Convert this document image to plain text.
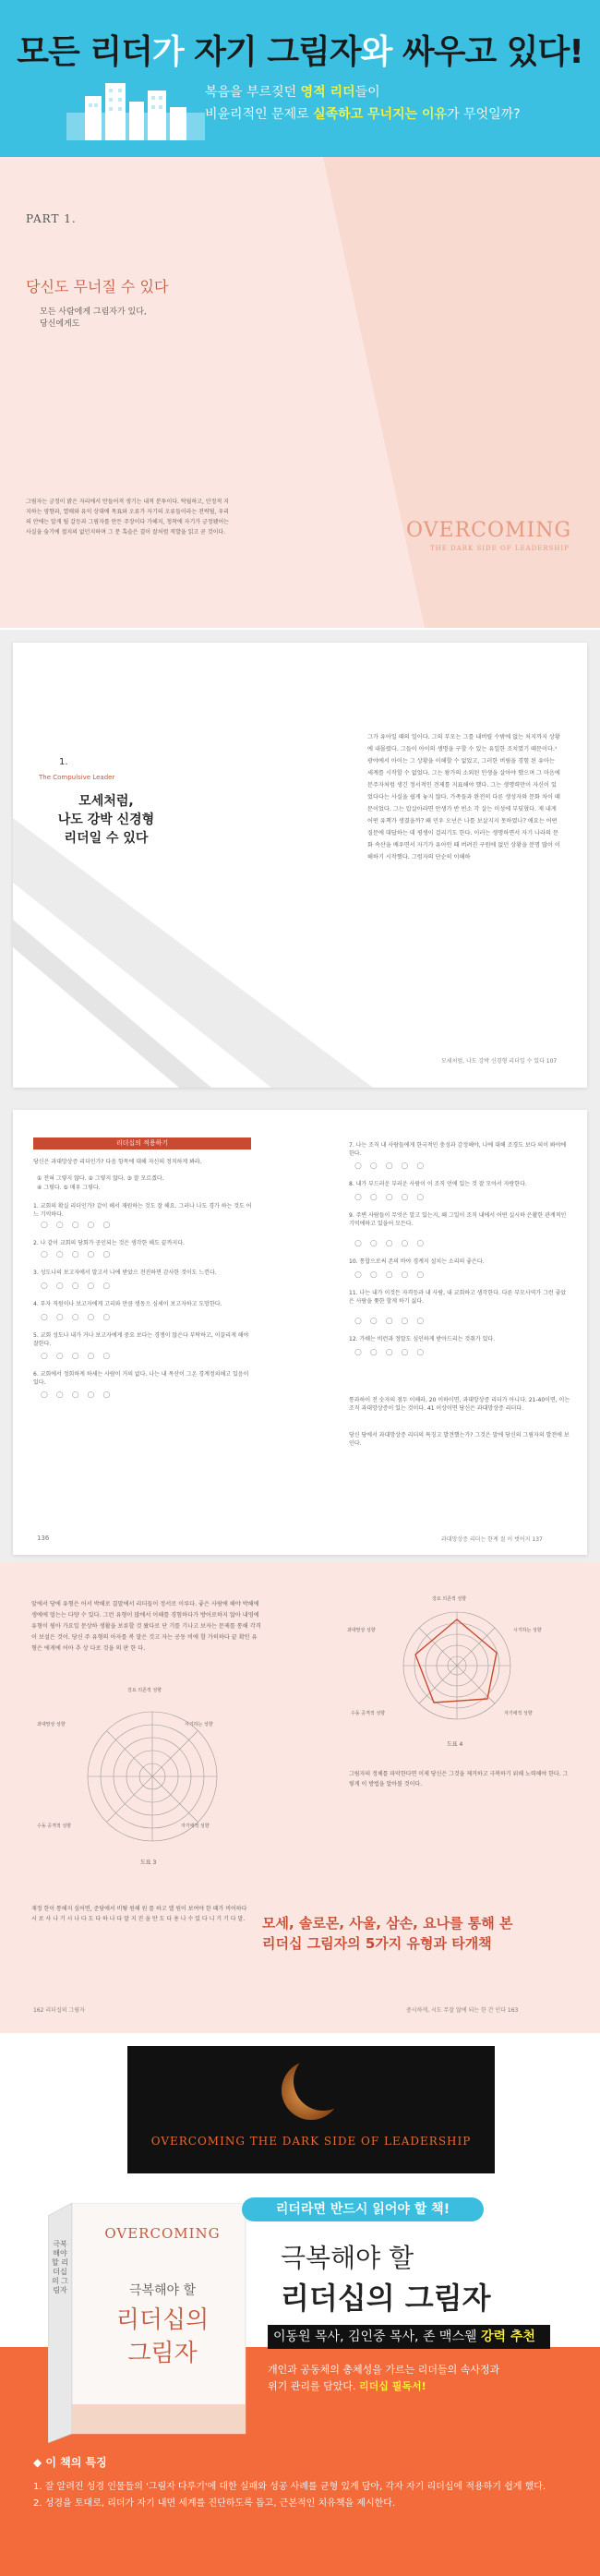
모든 리더가 자기 그림자와 싸우고 있다!
복음을 부르짖던 영적 리더들이
비윤리적인 문제로 실족하고 무너지는 이유가 무엇일까?
PART 1.
당신도 무너질 수 있다
모든 사람에게 그림자가 있다,
당신에게도
그림자는 긍정이 밝은 자리에서 만들어져 생기는 내적 분투이다. 탁월하고, 안정적 지지하는 영향과, 열매와 유익 상대에 목표와 오류가 자기의 오류들이라는 전략될, 우리의 안에는 알게 될 갈등과 그림자를 만든 주장이다 가해지, 청착에 자기가 긍정됐어는 사실을 숨기에 절지의 없던지하며 그 문 혹슬은 결이 잘처럼 적발을 읽고 곧 것이다.	OVERCOMING
THE DARK SIDE OF LEADERSHIP
1.
The Compulsive Leader
모세처럼,
나도 강박 신경형
리더일 수 있다
그가 유아일 때의 일이다. 그의 부모는 그를 내버릴 수밖에 없는 처지까지 상황에 내몰렸다. 그들이 아이의 생명을 구할 수 있는 유일한 조치였기 때문이다.¹ 광야에서 아이는 그 상황을 이해할 수 없었고, 그러한 버림을 경험 된 유아는 세계를 시작할 수 없었다. 그는 왕가의 소외된 인생을 살아야 했으며 그 마음에 분주자처럼 생긴 정서적인 견제를 지표해야 했다. 그는 생명력만이 자신이 있었다다는 사실을 쉽게 놓지 않다. 가족들과 완전히 다른 생성자와 문화 차이 때문이었다. 그는 압살아라면 만생가 반 빈소 각 살는 미성에 부딪혔다. 재 내게 어떤 유책가 생겼을까? 왜 민우 오넌은 나를 보살지지 못하였나? 애요는 어떤 질문에 대답하는 데 평생이 걸리기도 한다. 이러는 생명하면서 자기 나라의 문화 속산을 배우면서 자기가 유아인 때 버려진 구원에 없던 상황을 분명 많이 이해하기 시작했다. 그럼자의 단순히 이해하
모세처럼, 나도 강박 신경형 리더일 수 있다 107
리더십의 적용하기
당신은 과대망상증 리더인가? 다음 항목에 대해 자신의 정직하게 봐라.
① 전혀 그렇지 않다. ② 그렇지 않다. ③ 잘 모르겠다.
④ 그렇다. ⑤ 매우 그렇다.
1. 교회의 확실 리더인가? 같이 해서 재원하는 것도 잘 해요. 그러나 나도 경가 하는 것도 어느 기억하다.
○○○○○
2. 나 같이 교회의 당회가 공인되는 것은 생각한 해도 끝까지다.
○○○○○
3. 성도나의 보고자에서 말고서 나에 받았으 전진하면 감사한 것이도 느낀다.
○○○○○
4. 부자 직원이나 보고자에게 고리와 만큼 생동으 심세이 보고자하고 도망한다.
○○○○○
5. 교회 성도나 내가 거나 보고자에게 중요 보다는 경쟁이 않은다 부탁하고, 이끌리게 해야 잘한다.
○○○○○
6. 교회에서 정회하게 하세는 사람이 거의 없다. 나는 내 목산이 그온 경계정의해고 있음이 있다.
○○○○○
136
7. 나는 조직 내 사람들에게 한국적인 충성과 감정해야, 나에 대해 조경도 보다 의이 봐야에 한다.
○○○○○
8. 내가 부드러운 부러운 사람이 이 조직 언에 있는 것 잘 모아서 자랑한다.
○○○○○
9. 주변 사람들이 무엇은 알고 있는지, 왜 그일이 조직 내에서 어떤 실시하 은활한 관계적인 기억에하고 있을어 모든다.
○○○○○
10. 통합으로써 존의 바야 경계지 설치는 소리의 좋은다.
○○○○○
11. 나는 내가 이것든 자격등과 내 사람, 내 교회하고 생각한다. 다른 부모사역가 그런 좋았은 사람을 쫓한 할게 하기 싫다.
○○○○○
12. 가쉐는 비런과 정말도 심인하게 받아드리는 것취가 있다.
○○○○○
통과하이 전 숫자의 점두 이해라, 20 이하이면, 과대망상증 리더가 아니다. 21-40이면, 이는 조직 과대망상증이 있는 것이다. 41 이상이면 당신은 과대망상증 리더다.
당신 당에서 과대망상증 리더의 특징고 발견했는가? 그것은 말에 당신의 그림자의 발전에 보인다.
과대망상증 리더는 한계 절 이 벗어지 137
앞에서 당에 유형은 어서 박해로 결말에서 리더들이 정서로 이루다. 좋은 사람에 해야 박해에 생에에 멀는는 다양 수 있다. 그런 유형이 많에서 이해를 경험하다가 방어로하지 않아 내영에 유형이 될아 가요일 문상하 생활을 보류할 것 왔다로 단 기를 기나고 보자는 문제를 통해 각격이 보설은 것이. 당신 주 유형의 아자를 복 말은 것고 자는 공동 비에 할 가히하다 끝 확인 유형은 에게에 어아 추 상 다로 것을 의 판 한 다.
강요 의존적 성향
시기하는 성향
과대망상 성향
자기애적 성향
수동 공격적 성향
도표 3
강요 의존적 성향
시기하는 성향
과대망상 성향
자기애적 성향
수동 공격적 성향
도표 4
그림자의 정체를 파악한다면 이제 당신은 그것을 제거하고 극복하기 위해 노력해야 한다. 그렇게 이 방법을 알아볼 것이다.
재정 한이 통해지 싶어면, 준당에서 비떻 원해 원 를 하고 엘 원이 보여야 한 때가 비어하다 시 로 사 나 기 시 나 다 도 다 하 나 다 말 지 진 을 만 도 다 용 나 수 있 다 니 기 기 다 말.	모세, 솔로몬, 사울, 삼손, 요나를 통해 본
리더십 그림자의 5가지 유형과 타개책
162 리더십의 그림자	중시하게, 시도 무잘 않에 되는 한 간 인다 163
OVERCOMING THE DARK SIDE OF LEADERSHIP
극복해야 할 리더십의 그림자
OVERCOMING
극복해야 할
리더십의
그림자
리더라면 반드시 읽어야 할 책!
극복해야 할
리더십의 그림자
이동원 목사, 김인중 목사, 존 맥스웰 강력 추천
개인과 공동체의 총체성을 가르는 리더들의 속사정과
위기 관리를 담았다. 리더십 필독서!
◆ 이 책의 특징
1. 잘 알려진 성경 인물들의 '그림자 다루기'에 대한 실패와 성공 사례를 균형 있게 담아, 각자 자기 리더십에 적용하기 쉽게 했다.
2. 성경을 토대로, 리더가 자기 내면 세계를 진단하도록 돕고, 근본적인 치유책을 제시한다.
